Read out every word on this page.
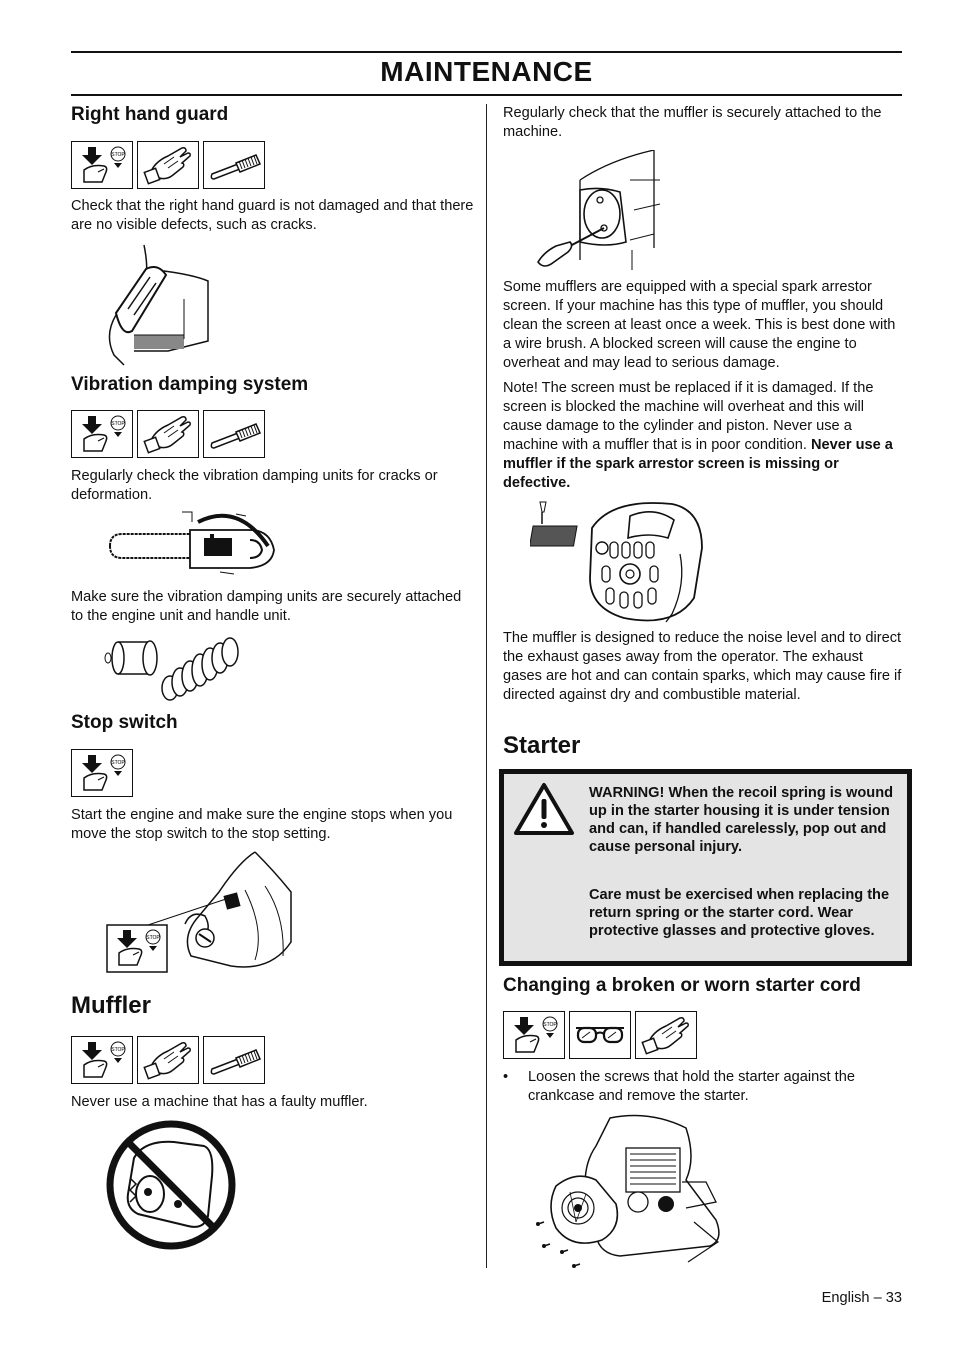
MAINTENANCE
Right hand guard
Check that the right hand guard is not damaged and that there are no visible defects, such as cracks.
Vibration damping system
Regularly check the vibration damping units for cracks or deformation.
Make sure the vibration damping units are securely attached to the engine unit and handle unit.
Stop switch
Start the engine and make sure the engine stops when you move the stop switch to the stop setting.
Muffler
Never use a machine that has a faulty muffler.
Regularly check that the muffler is securely attached to the machine.
Some mufflers are equipped with a special spark arrestor screen. If your machine has this type of muffler, you should clean the screen at least once a week. This is best done with a wire brush. A blocked screen will cause the engine to overheat and may lead to serious damage.
Note! The screen must be replaced if it is damaged. If the screen is blocked the machine will overheat and this will cause damage to the cylinder and piston. Never use a machine with a muffler that is in poor condition. Never use a muffler if the spark arrestor screen is missing or defective.
The muffler is designed to reduce the noise level and to direct the exhaust gases away from the operator. The exhaust gases are hot and can contain sparks, which may cause fire if directed against dry and combustible material.
Starter
WARNING! When the recoil spring is wound up in the starter housing it is under tension and can, if handled carelessly, pop out and cause personal injury.
Care must be exercised when replacing the return spring or the starter cord. Wear protective glasses and protective gloves.
Changing a broken or worn starter cord
• Loosen the screws that hold the starter against the crankcase and remove the starter.
English – 33
